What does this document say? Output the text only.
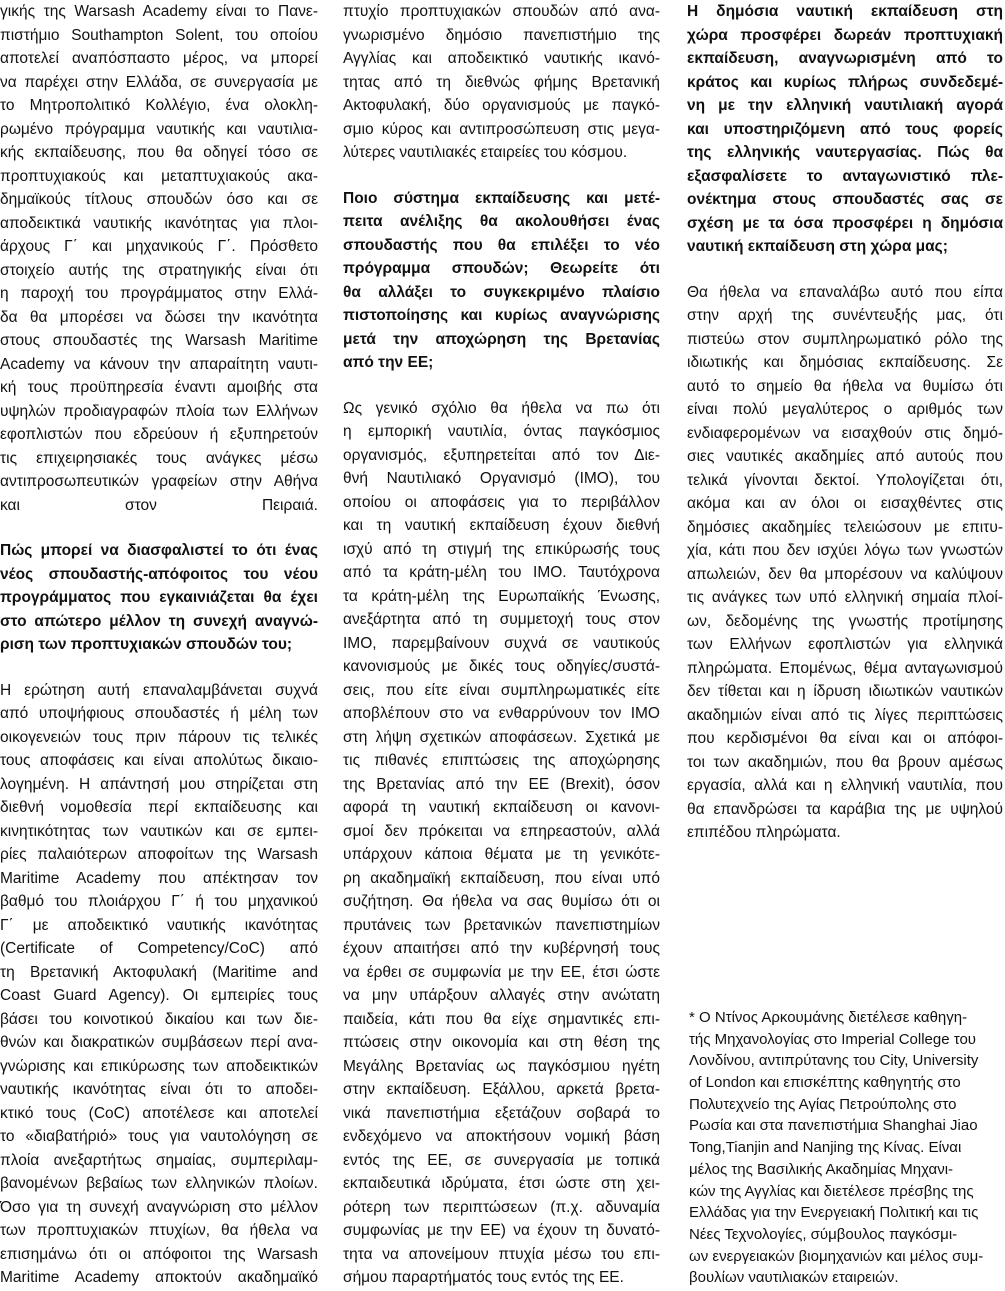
γικής της Warsash Academy είναι το Πανε-
πιστήμιο Southampton Solent, του οποίου
αποτελεί αναπόσπαστο μέρος, να μπορεί
να παρέχει στην Ελλάδα, σε συνεργασία με
το Μητροπολιτικό Κολλέγιο, ένα ολοκλη-
ρωμένο πρόγραμμα ναυτικής και ναυτιλια-
κής εκπαίδευσης, που θα οδηγεί τόσο σε
προπτυχιακούς και μεταπτυχιακούς ακα-
δημαϊκούς τίτλους σπουδών όσο και σε
αποδεικτικά ναυτικής ικανότητας για πλοι-
άρχους Γ΄ και μηχανικούς Γ΄. Πρόσθετο
στοιχείο αυτής της στρατηγικής είναι ότι
η παροχή του προγράμματος στην Ελλά-
δα θα μπορέσει να δώσει την ικανότητα
στους σπουδαστές της Warsash Maritime
Academy να κάνουν την απαραίτητη ναυτι-
κή τους προϋπηρεσία έναντι αμοιβής στα
υψηλών προδιαγραφών πλοία των Ελλήνων
εφοπλιστών που εδρεύουν ή εξυπηρετούν
τις επιχειρησιακές τους ανάγκες μέσω
αντιπροσωπευτικών γραφείων στην Αθήνα
και στον Πειραιά.
Πώς μπορεί να διασφαλιστεί το ότι ένας
νέος σπουδαστής-απόφοιτος του νέου
προγράμματος που εγκαινιάζεται θα έχει
στο απώτερο μέλλον τη συνεχή αναγνώ-
ριση των προπτυχιακών σπουδών του;
Η ερώτηση αυτή επαναλαμβάνεται συχνά
από υποψήφιους σπουδαστές ή μέλη των
οικογενειών τους πριν πάρουν τις τελικές
τους αποφάσεις και είναι απολύτως δικαιο-
λογημένη. Η απάντησή μου στηρίζεται στη
διεθνή νομοθεσία περί εκπαίδευσης και
κινητικότητας των ναυτικών και σε εμπει-
ρίες παλαιότερων αποφοίτων της Warsash
Maritime Academy που απέκτησαν τον
βαθμό του πλοιάρχου Γ΄ ή του μηχανικού
Γ΄ με αποδεικτικό ναυτικής ικανότητας
(Certificate of Competency/CoC) από
τη Βρετανική Ακτοφυλακή (Maritime and
Coast Guard Agency). Οι εμπειρίες τους
βάσει του κοινοτικού δικαίου και των διε-
θνών και διακρατικών συμβάσεων περί ανα-
γνώρισης και επικύρωσης των αποδεικτικών
ναυτικής ικανότητας είναι ότι το αποδει-
κτικό τους (CoC) αποτέλεσε και αποτελεί
το «διαβατήριό» τους για ναυτολόγηση σε
πλοία ανεξαρτήτως σημαίας, συμπεριλαμ-
βανομένων βεβαίως των ελληνικών πλοίων.
Όσο για τη συνεχή αναγνώριση στο μέλλον
των προπτυχιακών πτυχίων, θα ήθελα να
επισημάνω ότι οι απόφοιτοι της Warsash
Maritime Academy αποκτούν ακαδημαϊκό
πτυχίο προπτυχιακών σπουδών από ανα-
γνωρισμένο δημόσιο πανεπιστήμιο της
Αγγλίας και αποδεικτικό ναυτικής ικανό-
τητας από τη διεθνώς φήμης Βρετανική
Ακτοφυλακή, δύο οργανισμούς με παγκό-
σμιο κύρος και αντιπροσώπευση στις μεγα-
λύτερες ναυτιλιακές εταιρείες του κόσμου.
Ποιο σύστημα εκπαίδευσης και μετέ-
πειτα ανέλιξης θα ακολουθήσει ένας
σπουδαστής που θα επιλέξει το νέο
πρόγραμμα σπουδών; Θεωρείτε ότι
θα αλλάξει το συγκεκριμένο πλαίσιο
πιστοποίησης και κυρίως αναγνώρισης
μετά την αποχώρηση της Βρετανίας
από την ΕΕ;
Ως γενικό σχόλιο θα ήθελα να πω ότι
η εμπορική ναυτιλία, όντας παγκόσμιος
οργανισμός, εξυπηρετείται από τον Διε-
θνή Ναυτιλιακό Οργανισμό (IMO), του
οποίου οι αποφάσεις για το περιβάλλον
και τη ναυτική εκπαίδευση έχουν διεθνή
ισχύ από τη στιγμή της επικύρωσής τους
από τα κράτη-μέλη του IMO. Ταυτόχρονα
τα κράτη-μέλη της Ευρωπαϊκής Ένωσης,
ανεξάρτητα από τη συμμετοχή τους στον
IMO, παρεμβαίνουν συχνά σε ναυτικούς
κανονισμούς με δικές τους οδηγίες/συστά-
σεις, που είτε είναι συμπληρωματικές είτε
αποβλέπουν στο να ενθαρρύνουν τον IMO
στη λήψη σχετικών αποφάσεων. Σχετικά με
τις πιθανές επιπτώσεις της αποχώρησης
της Βρετανίας από την ΕΕ (Brexit), όσον
αφορά τη ναυτική εκπαίδευση οι κανονι-
σμοί δεν πρόκειται να επηρεαστούν, αλλά
υπάρχουν κάποια θέματα με τη γενικότε-
ρη ακαδημαϊκή εκπαίδευση, που είναι υπό
συζήτηση. Θα ήθελα να σας θυμίσω ότι οι
πρυτάνεις των βρετανικών πανεπιστημίων
έχουν απαιτήσει από την κυβέρνησή τους
να έρθει σε συμφωνία με την ΕΕ, έτσι ώστε
να μην υπάρξουν αλλαγές στην ανώτατη
παιδεία, κάτι που θα είχε σημαντικές επι-
πτώσεις στην οικονομία και στη θέση της
Μεγάλης Βρετανίας ως παγκόσμιου ηγέτη
στην εκπαίδευση. Εξάλλου, αρκετά βρετα-
νικά πανεπιστήμια εξετάζουν σοβαρά το
ενδεχόμενο να αποκτήσουν νομική βάση
εντός της ΕΕ, σε συνεργασία με τοπικά
εκπαιδευτικά ιδρύματα, έτσι ώστε στη χει-
ρότερη των περιπτώσεων (π.χ. αδυναμία
συμφωνίας με την ΕΕ) να έχουν τη δυνατό-
τητα να απονείμουν πτυχία μέσω του επι-
σήμου παραρτήματός τους εντός της ΕΕ.
Η δημόσια ναυτική εκπαίδευση στη
χώρα προσφέρει δωρεάν προπτυχιακή
εκπαίδευση, αναγνωρισμένη από το
κράτος και κυρίως πλήρως συνδεδεμέ-
νη με την ελληνική ναυτιλιακή αγορά
και υποστηριζόμενη από τους φορείς
της ελληνικής ναυτεργασίας. Πώς θα
εξασφαλίσετε το ανταγωνιστικό πλε-
ονέκτημα στους σπουδαστές σας σε
σχέση με τα όσα προσφέρει η δημόσια
ναυτική εκπαίδευση στη χώρα μας;
Θα ήθελα να επαναλάβω αυτό που είπα
στην αρχή της συνέντευξής μας, ότι
πιστεύω στον συμπληρωματικό ρόλο της
ιδιωτικής και δημόσιας εκπαίδευσης. Σε
αυτό το σημείο θα ήθελα να θυμίσω ότι
είναι πολύ μεγαλύτερος ο αριθμός των
ενδιαφερομένων να εισαχθούν στις δημό-
σιες ναυτικές ακαδημίες από αυτούς που
τελικά γίνονται δεκτοί. Υπολογίζεται ότι,
ακόμα και αν όλοι οι εισαχθέντες στις
δημόσιες ακαδημίες τελειώσουν με επιτυ-
χία, κάτι που δεν ισχύει λόγω των γνωστών
απωλειών, δεν θα μπορέσουν να καλύψουν
τις ανάγκες των υπό ελληνική σημαία πλοί-
ων, δεδομένης της γνωστής προτίμησης
των Ελλήνων εφοπλιστών για ελληνικά
πληρώματα. Επομένως, θέμα ανταγωνισμού
δεν τίθεται και η ίδρυση ιδιωτικών ναυτικών
ακαδημιών είναι από τις λίγες περιπτώσεις
που κερδισμένοι θα είναι και οι απόφοι-
τοι των ακαδημιών, που θα βρουν αμέσως
εργασία, αλλά και η ελληνική ναυτιλία, που
θα επανδρώσει τα καράβια της με υψηλού
επιπέδου πληρώματα.
* Ο Ντίνος Αρκουμάνης διετέλεσε καθηγη-
τής Μηχανολογίας στο Imperial College του
Λονδίνου, αντιπρύτανης του City, University
of London και επισκέπτης καθηγητής στο
Πολυτεχνείο της Αγίας Πετρούπολης στο
Ρωσία και στα πανεπιστήμια Shanghai Jiao
Tong,Tianjin and Nanjing της Κίνας. Είναι
μέλος της Βασιλικής Ακαδημίας Μηχανι-
κών της Αγγλίας και διετέλεσε πρέσβης της
Ελλάδας για την Ενεργειακή Πολιτική και τις
Νέες Τεχνολογίες, σύμβουλος παγκόσμι-
ων ενεργειακών βιομηχανιών και μέλος συμ-
βουλίων ναυτιλιακών εταιρειών.
